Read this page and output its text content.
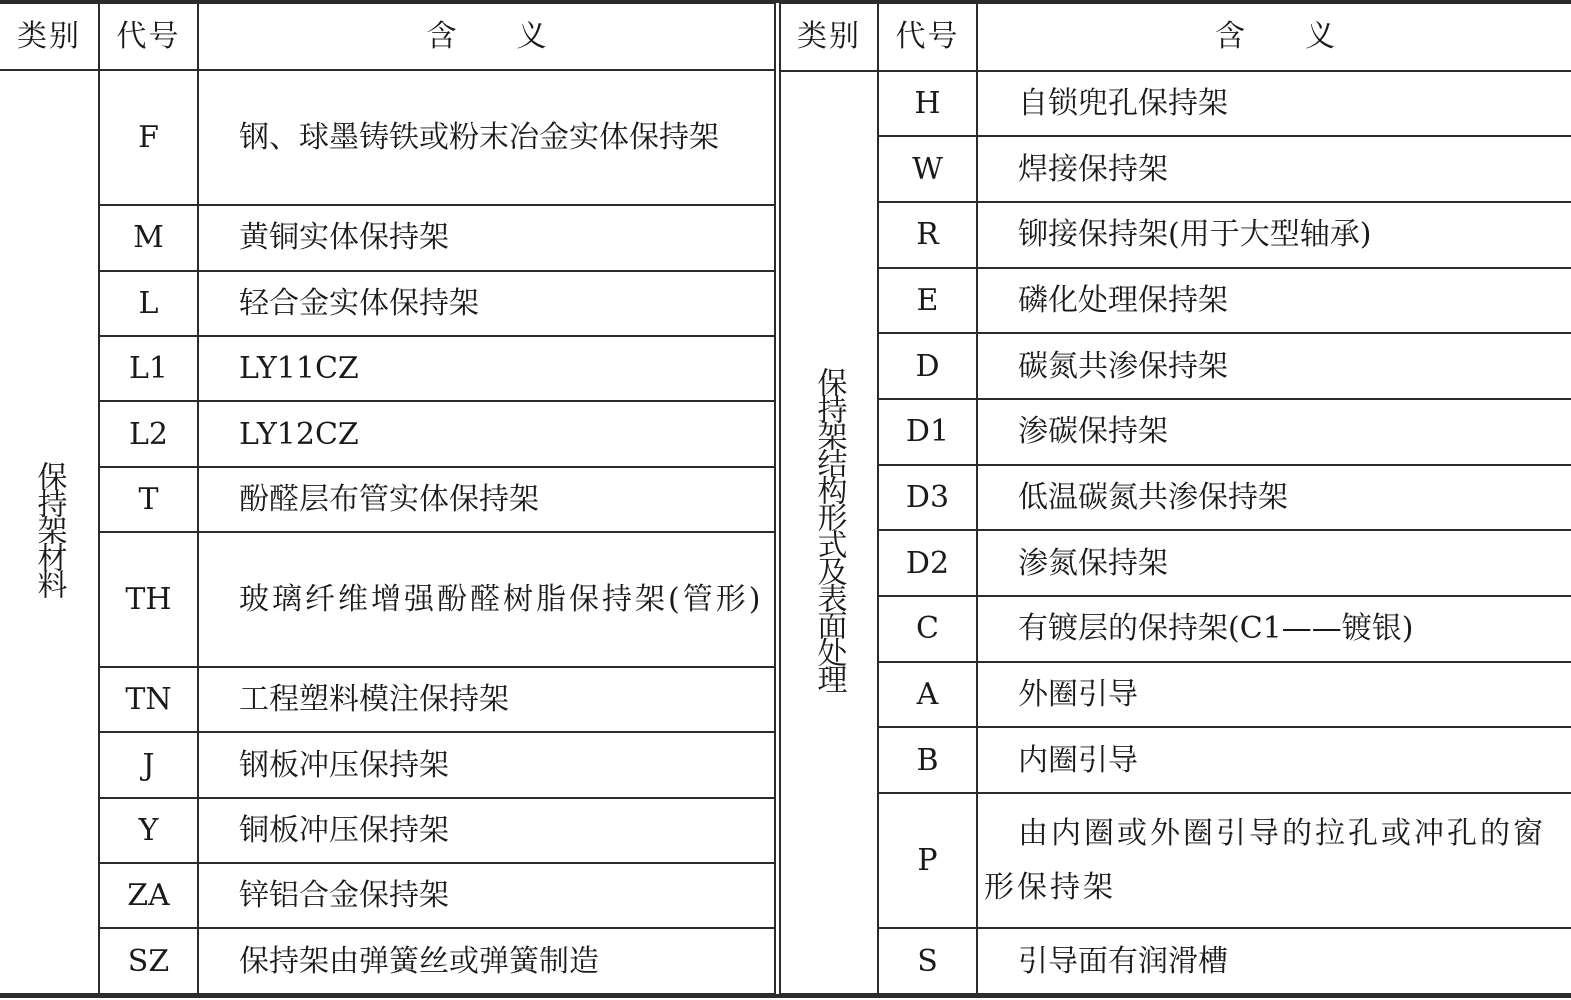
类别	代号	含义
保持架材料	F	钢、球墨铸铁或粉末冶金实体保持架
	M	黄铜实体保持架
	L	轻合金实体保持架
	L1	LY11CZ
	L2	LY12CZ
	T	酚醛层布管实体保持架
	TH	玻璃纤维增强酚醛树脂保持架(管形)
	TN	工程塑料模注保持架
	J	钢板冲压保持架
	Y	铜板冲压保持架
	ZA	锌铝合金保持架
	SZ	保持架由弹簧丝或弹簧制造
类别	代号	含义
保持架结构形式及表面处理	H	自锁兜孔保持架
	W	焊接保持架
	R	铆接保持架(用于大型轴承)
	E	磷化处理保持架
	D	碳氮共渗保持架
	D1	渗碳保持架
	D3	低温碳氮共渗保持架
	D2	渗氮保持架
	C	有镀层的保持架(C1——镀银)
	A	外圈引导
	B	内圈引导
	P	由内圈或外圈引导的拉孔或冲孔的窗形保持架
	S	引导面有润滑槽
